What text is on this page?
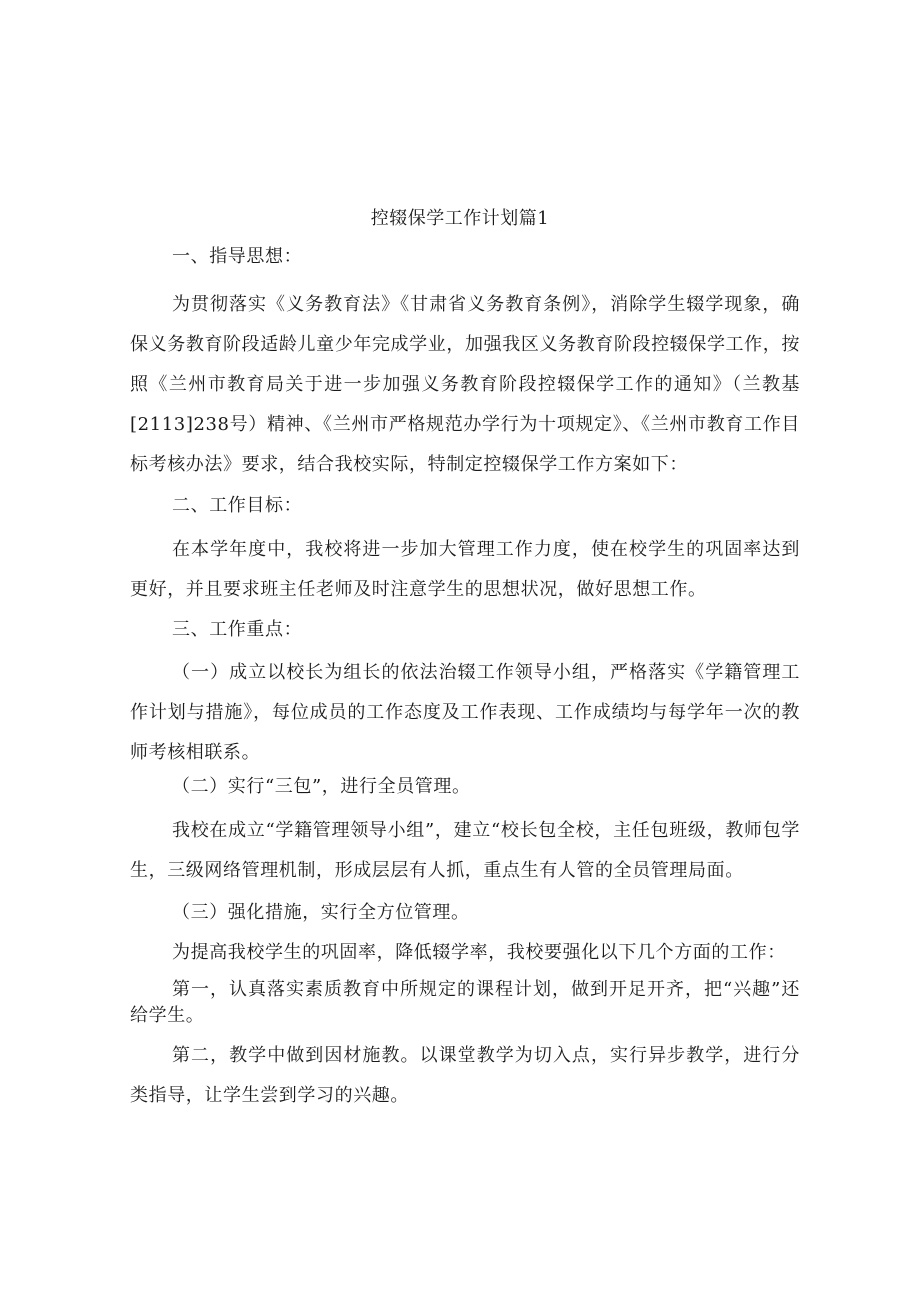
控辍保学工作计划篇1

一、指导思想：

为贯彻落实《义务教育法》《甘肃省义务教育条例》，消除学生辍学现象，确保义务教育阶段适龄儿童少年完成学业，加强我区义务教育阶段控辍保学工作，按照《兰州市教育局关于进一步加强义务教育阶段控辍保学工作的通知》（兰教基[2113]238号）精神、《兰州市严格规范办学行为十项规定》、《兰州市教育工作目标考核办法》要求，结合我校实际，特制定控辍保学工作方案如下：

二、工作目标：

在本学年度中，我校将进一步加大管理工作力度，使在校学生的巩固率达到更好，并且要求班主任老师及时注意学生的思想状况，做好思想工作。

三、工作重点：

（一）成立以校长为组长的依法治辍工作领导小组，严格落实《学籍管理工作计划与措施》，每位成员的工作态度及工作表现、工作成绩均与每学年一次的教师考核相联系。

（二）实行“三包”，进行全员管理。

我校在成立“学籍管理领导小组”，建立“校长包全校，主任包班级，教师包学生，三级网络管理机制，形成层层有人抓，重点生有人管的全员管理局面。

（三）强化措施，实行全方位管理。

为提高我校学生的巩固率，降低辍学率，我校要强化以下几个方面的工作：

第一，认真落实素质教育中所规定的课程计划，做到开足开齐，把“兴趣”还给学生。

第二，教学中做到因材施教。以课堂教学为切入点，实行异步教学，进行分类指导，让学生尝到学习的兴趣。
